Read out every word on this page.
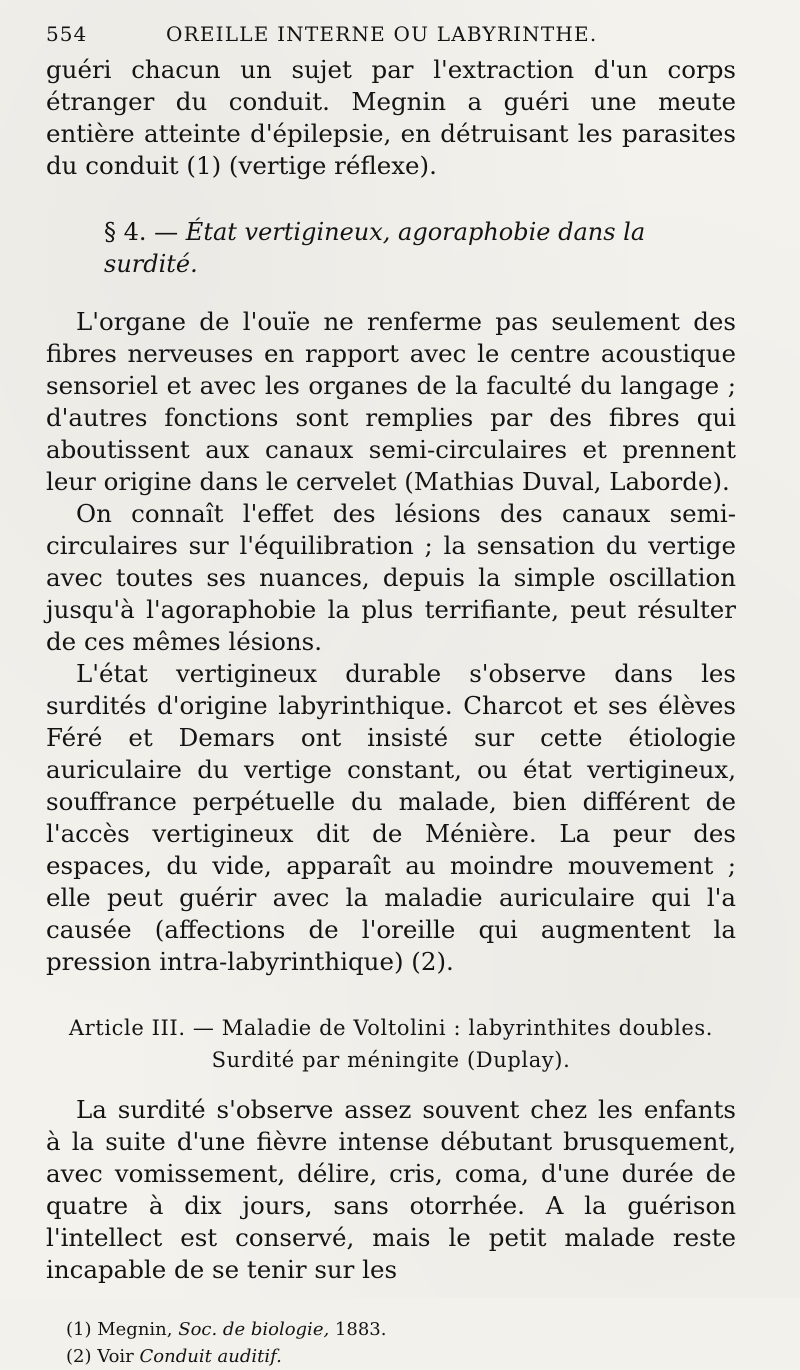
554	OREILLE INTERNE OU LABYRINTHE.

guéri chacun un sujet par l'extraction d'un corps étranger du conduit. Megnin a guéri une meute entière atteinte d'épilepsie, en détruisant les parasites du conduit (1) (vertige réflexe).

§ 4. — État vertigineux, agoraphobie dans la surdité.

L'organe de l'ouïe ne renferme pas seulement des fibres nerveuses en rapport avec le centre acoustique sensoriel et avec les organes de la faculté du langage ; d'autres fonctions sont remplies par des fibres qui aboutissent aux canaux semi-circulaires et prennent leur origine dans le cervelet (Mathias Duval, Laborde).

On connaît l'effet des lésions des canaux semi-circulaires sur l'équilibration ; la sensation du vertige avec toutes ses nuances, depuis la simple oscillation jusqu'à l'agoraphobie la plus terrifiante, peut résulter de ces mêmes lésions.

L'état vertigineux durable s'observe dans les surdités d'origine labyrinthique. Charcot et ses élèves Féré et Demars ont insisté sur cette étiologie auriculaire du vertige constant, ou état vertigineux, souffrance perpétuelle du malade, bien différent de l'accès vertigineux dit de Ménière. La peur des espaces, du vide, apparaît au moindre mouvement ; elle peut guérir avec la maladie auriculaire qui l'a causée (affections de l'oreille qui augmentent la pression intra-labyrinthique) (2).

Article III. — Maladie de Voltolini : labyrinthites doubles.
Surdité par méningite (Duplay).

La surdité s'observe assez souvent chez les enfants à la suite d'une fièvre intense débutant brusquement, avec vomissement, délire, cris, coma, d'une durée de quatre à dix jours, sans otorrhée. A la guérison l'intellect est conservé, mais le petit malade reste incapable de se tenir sur les

(1) Megnin, Soc. de biologie, 1883.

(2) Voir Conduit auditif.
